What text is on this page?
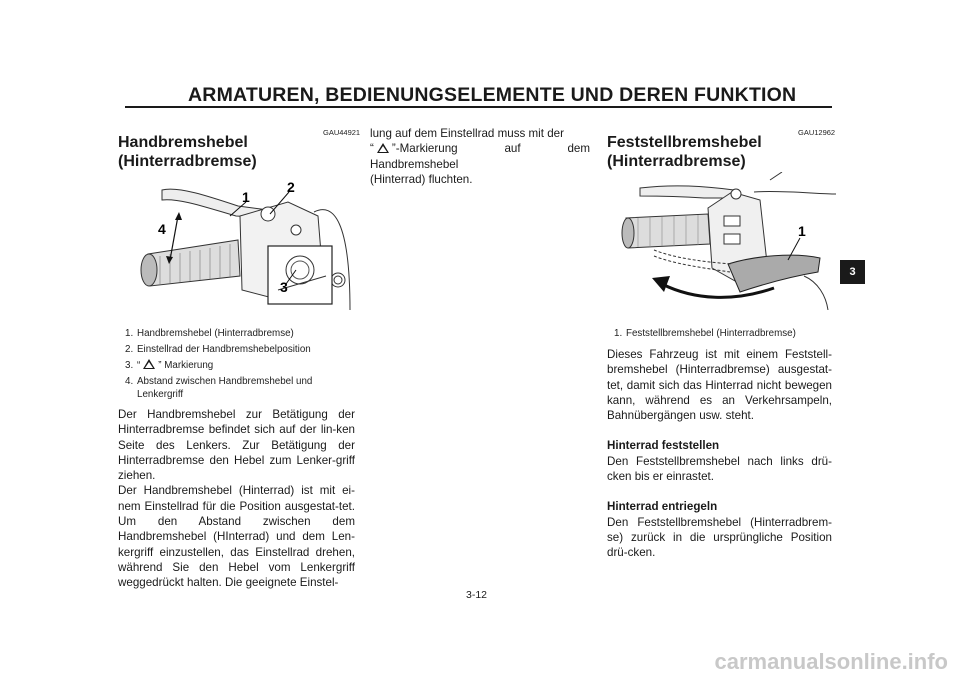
ARMATUREN, BEDIENUNGSELEMENTE UND DEREN FUNKTION
GAU44921
Handbremshebel
(Hinterradbremse)
1
2
3
4
1. Handbremshebel (Hinterradbremse)
2. Einstellrad der Handbremshebelposition
3. “ ” Markierung
4. Abstand zwischen Handbremshebel und Lenkergriff

Der Handbremshebel zur Betätigung der Hinterradbremse befindet sich auf der lin-ken Seite des Lenkers. Zur Betätigung der Hinterradbremse den Hebel zum Lenker-griff ziehen.

Der Handbremshebel (Hinterrad) ist mit ei-nem Einstellrad für die Position ausgestat-tet. Um den Abstand zwischen dem Handbremshebel (HInterrad) und dem Len-kergriff einzustellen, das Einstellrad drehen, während Sie den Hebel vom Lenkergriff weggedrückt halten. Die geeignete Einstel-

lung auf dem Einstellrad muss mit der

“ ”-Markierung auf dem Handbremshebel

(Hinterrad) fluchten.

GAU12962
Feststellbremshebel
(Hinterradbremse)
1
1. Feststellbremshebel (Hinterradbremse)

Dieses Fahrzeug ist mit einem Feststell-bremshebel (Hinterradbremse) ausgestat-tet, damit sich das Hinterrad nicht bewegen kann, während es an Verkehrsampeln, Bahnübergängen usw. steht.

Hinterrad feststellen

Den Feststellbremshebel nach links drü-cken bis er einrastet.

Hinterrad entriegeln

Den Feststellbremshebel (Hinterradbrem-se) zurück in die ursprüngliche Position drü-cken.

3
3-12
carmanualsonline.info
